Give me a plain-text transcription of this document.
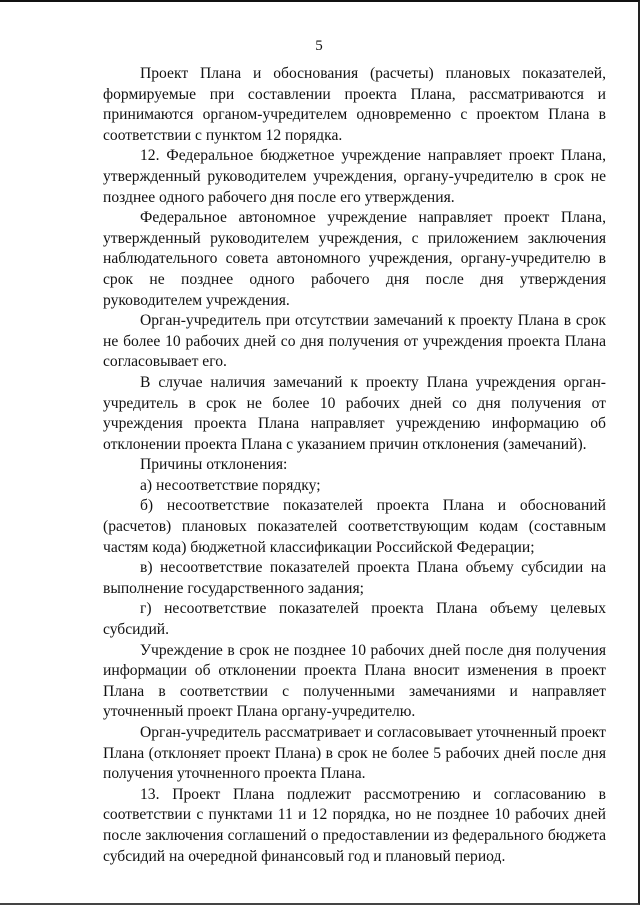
5

Проект Плана и обоснования (расчеты) плановых показателей, формируемые при составлении проекта Плана, рассматриваются и принимаются органом-учредителем одновременно с проектом Плана в соответствии с пунктом 12 порядка.

12. Федеральное бюджетное учреждение направляет проект Плана, утвержденный руководителем учреждения, органу-учредителю в срок не позднее одного рабочего дня после его утверждения.

Федеральное автономное учреждение направляет проект Плана, утвержденный руководителем учреждения, с приложением заключения наблюдательного совета автономного учреждения, органу-учредителю в срок не позднее одного рабочего дня после дня утверждения руководителем учреждения.

Орган-учредитель при отсутствии замечаний к проекту Плана в срок не более 10 рабочих дней со дня получения от учреждения проекта Плана согласовывает его.

В случае наличия замечаний к проекту Плана учреждения орган-учредитель в срок не более 10 рабочих дней со дня получения от учреждения проекта Плана направляет учреждению информацию об отклонении проекта Плана с указанием причин отклонения (замечаний).

Причины отклонения:

а) несоответствие порядку;

б) несоответствие показателей проекта Плана и обоснований (расчетов) плановых показателей соответствующим кодам (составным частям кода) бюджетной классификации Российской Федерации;

в) несоответствие показателей проекта Плана объему субсидии на выполнение государственного задания;

г) несоответствие показателей проекта Плана объему целевых субсидий.

Учреждение в срок не позднее 10 рабочих дней после дня получения информации об отклонении проекта Плана вносит изменения в проект Плана в соответствии с полученными замечаниями и направляет уточненный проект Плана органу-учредителю.

Орган-учредитель рассматривает и согласовывает уточненный проект Плана (отклоняет проект Плана) в срок не более 5 рабочих дней после дня получения уточненного проекта Плана.

13. Проект Плана подлежит рассмотрению и согласованию в соответствии с пунктами 11 и 12 порядка, но не позднее 10 рабочих дней после заключения соглашений о предоставлении из федерального бюджета субсидий на очередной финансовый год и плановый период.
